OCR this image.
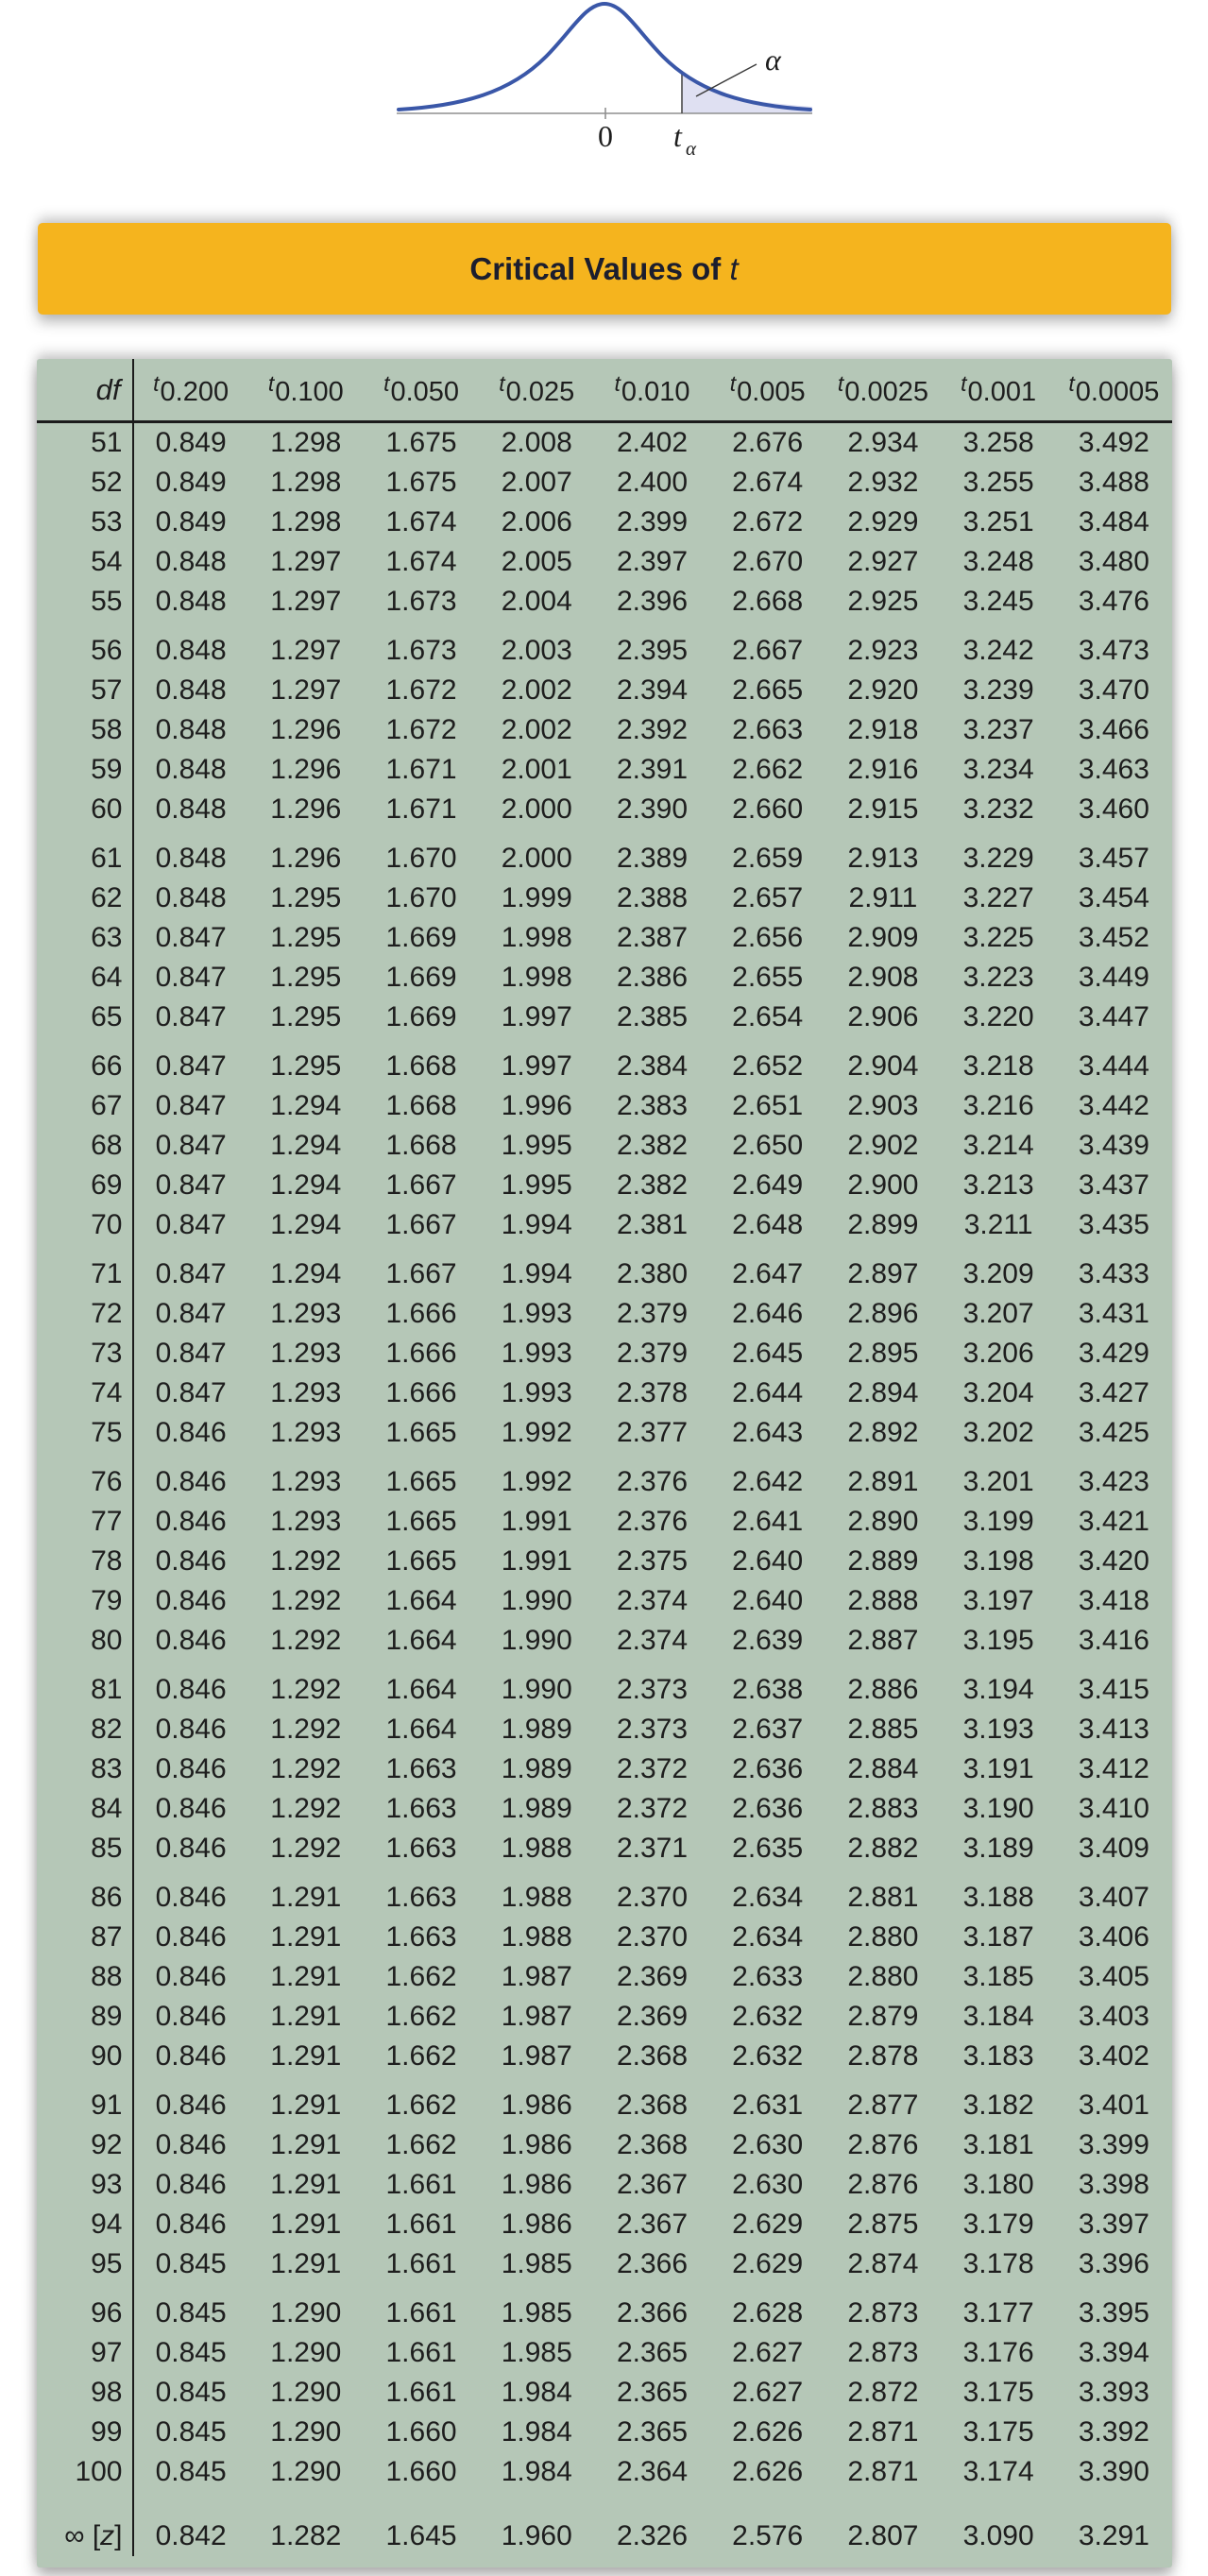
α
0 t α
Critical Values of t
df	t0.200	t0.100	t0.050	t0.025	t0.010	t0.005	t0.0025	t0.001	t0.0005
51	0.849	1.298	1.675	2.008	2.402	2.676	2.934	3.258	3.492
52	0.849	1.298	1.675	2.007	2.400	2.674	2.932	3.255	3.488
53	0.849	1.298	1.674	2.006	2.399	2.672	2.929	3.251	3.484
54	0.848	1.297	1.674	2.005	2.397	2.670	2.927	3.248	3.480
55	0.848	1.297	1.673	2.004	2.396	2.668	2.925	3.245	3.476

56	0.848	1.297	1.673	2.003	2.395	2.667	2.923	3.242	3.473
57	0.848	1.297	1.672	2.002	2.394	2.665	2.920	3.239	3.470
58	0.848	1.296	1.672	2.002	2.392	2.663	2.918	3.237	3.466
59	0.848	1.296	1.671	2.001	2.391	2.662	2.916	3.234	3.463
60	0.848	1.296	1.671	2.000	2.390	2.660	2.915	3.232	3.460

61	0.848	1.296	1.670	2.000	2.389	2.659	2.913	3.229	3.457
62	0.848	1.295	1.670	1.999	2.388	2.657	2.911	3.227	3.454
63	0.847	1.295	1.669	1.998	2.387	2.656	2.909	3.225	3.452
64	0.847	1.295	1.669	1.998	2.386	2.655	2.908	3.223	3.449
65	0.847	1.295	1.669	1.997	2.385	2.654	2.906	3.220	3.447

66	0.847	1.295	1.668	1.997	2.384	2.652	2.904	3.218	3.444
67	0.847	1.294	1.668	1.996	2.383	2.651	2.903	3.216	3.442
68	0.847	1.294	1.668	1.995	2.382	2.650	2.902	3.214	3.439
69	0.847	1.294	1.667	1.995	2.382	2.649	2.900	3.213	3.437
70	0.847	1.294	1.667	1.994	2.381	2.648	2.899	3.211	3.435

71	0.847	1.294	1.667	1.994	2.380	2.647	2.897	3.209	3.433
72	0.847	1.293	1.666	1.993	2.379	2.646	2.896	3.207	3.431
73	0.847	1.293	1.666	1.993	2.379	2.645	2.895	3.206	3.429
74	0.847	1.293	1.666	1.993	2.378	2.644	2.894	3.204	3.427
75	0.846	1.293	1.665	1.992	2.377	2.643	2.892	3.202	3.425

76	0.846	1.293	1.665	1.992	2.376	2.642	2.891	3.201	3.423
77	0.846	1.293	1.665	1.991	2.376	2.641	2.890	3.199	3.421
78	0.846	1.292	1.665	1.991	2.375	2.640	2.889	3.198	3.420
79	0.846	1.292	1.664	1.990	2.374	2.640	2.888	3.197	3.418
80	0.846	1.292	1.664	1.990	2.374	2.639	2.887	3.195	3.416

81	0.846	1.292	1.664	1.990	2.373	2.638	2.886	3.194	3.415
82	0.846	1.292	1.664	1.989	2.373	2.637	2.885	3.193	3.413
83	0.846	1.292	1.663	1.989	2.372	2.636	2.884	3.191	3.412
84	0.846	1.292	1.663	1.989	2.372	2.636	2.883	3.190	3.410
85	0.846	1.292	1.663	1.988	2.371	2.635	2.882	3.189	3.409

86	0.846	1.291	1.663	1.988	2.370	2.634	2.881	3.188	3.407
87	0.846	1.291	1.663	1.988	2.370	2.634	2.880	3.187	3.406
88	0.846	1.291	1.662	1.987	2.369	2.633	2.880	3.185	3.405
89	0.846	1.291	1.662	1.987	2.369	2.632	2.879	3.184	3.403
90	0.846	1.291	1.662	1.987	2.368	2.632	2.878	3.183	3.402

91	0.846	1.291	1.662	1.986	2.368	2.631	2.877	3.182	3.401
92	0.846	1.291	1.662	1.986	2.368	2.630	2.876	3.181	3.399
93	0.846	1.291	1.661	1.986	2.367	2.630	2.876	3.180	3.398
94	0.846	1.291	1.661	1.986	2.367	2.629	2.875	3.179	3.397
95	0.845	1.291	1.661	1.985	2.366	2.629	2.874	3.178	3.396

96	0.845	1.290	1.661	1.985	2.366	2.628	2.873	3.177	3.395
97	0.845	1.290	1.661	1.985	2.365	2.627	2.873	3.176	3.394
98	0.845	1.290	1.661	1.984	2.365	2.627	2.872	3.175	3.393
99	0.845	1.290	1.660	1.984	2.365	2.626	2.871	3.175	3.392
100	0.845	1.290	1.660	1.984	2.364	2.626	2.871	3.174	3.390

∞ [z]	0.842	1.282	1.645	1.960	2.326	2.576	2.807	3.090	3.291
